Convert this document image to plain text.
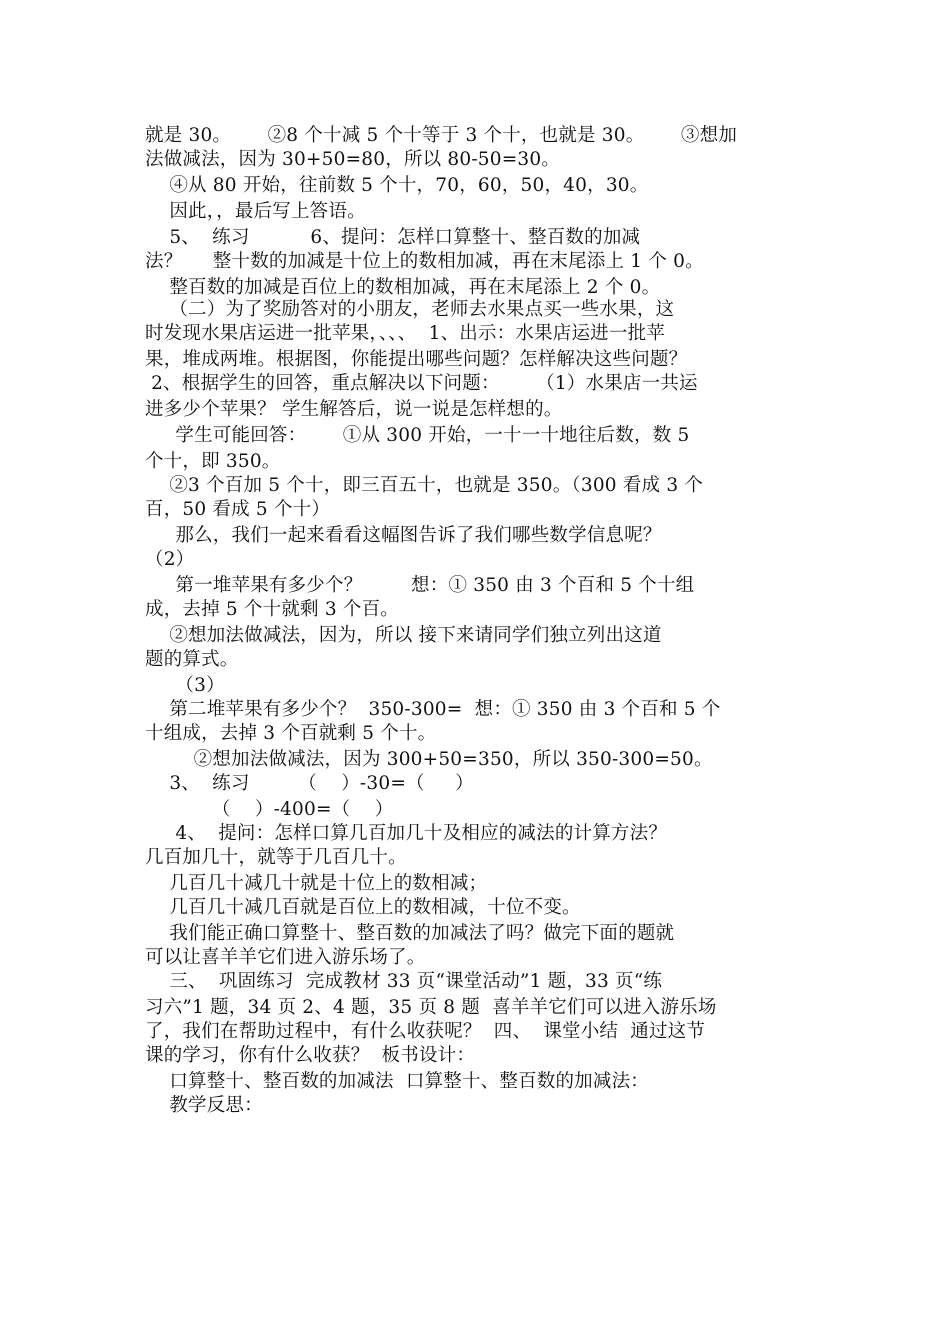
就是 30。      ②8 个十减 5 个十等于 3 个十，也就是 30。      ③想加
法做减法，因为 30+50=80，所以 80-50=30。
④从 80 开始，往前数 5 个十，70，60，50，40，30。
因此，，最后写上答语。
5、  练习          6、提问：怎样口算整十、整百数的加减
法？     整十数的加减是十位上的数相加减，再在末尾添上 1 个 0。
整百数的加减是百位上的数相加减，再在末尾添上 2 个 0。
（二）为了奖励答对的小朋友，老师去水果点买一些水果，这
时发现水果店运进一批苹果，、、、  1、出示：水果店运进一批苹
果，堆成两堆。根据图，你能提出哪些问题？怎样解决这些问题？
2、根据学生的回答，重点解决以下问题：      （1）水果店一共运
进多少个苹果？ 学生解答后，说一说是怎样想的。
学生可能回答：      ①从 300 开始，一十一十地往后数，数 5
个十，即 350。
②3 个百加 5 个十，即三百五十，也就是 350。（300 看成 3 个
百，50 看成 5 个十）
那么，我们一起来看看这幅图告诉了我们哪些数学信息呢？
（2）
第一堆苹果有多少个？        想：① 350 由 3 个百和 5 个十组
成，去掉 5 个十就剩 3 个百。
②想加法做减法，因为，所以 接下来请同学们独立列出这道
题的算式。
（3）
第二堆苹果有多少个？  350-300=  想：① 350 由 3 个百和 5 个
十组成，去掉 3 个百就剩 5 个十。
②想加法做减法，因为 300+50=350，所以 350-300=50。
3、  练习        （    ）-30=（     ）
（    ）-400=（    ）
4、  提问：怎样口算几百加几十及相应的减法的计算方法？
几百加几十，就等于几百几十。
几百几十减几十就是十位上的数相减；
几百几十减几百就是百位上的数相减，十位不变。
我们能正确口算整十、整百数的加减法了吗？做完下面的题就
可以让喜羊羊它们进入游乐场了。
三、  巩固练习  完成教材 33 页“课堂活动”1 题，33 页“练
习六”1 题，34 页 2、4 题，35 页 8 题  喜羊羊它们可以进入游乐场
了，我们在帮助过程中，有什么收获呢？  四、  课堂小结  通过这节
课的学习，你有什么收获？  板书设计：
口算整十、整百数的加减法  口算整十、整百数的加减法：
教学反思：
